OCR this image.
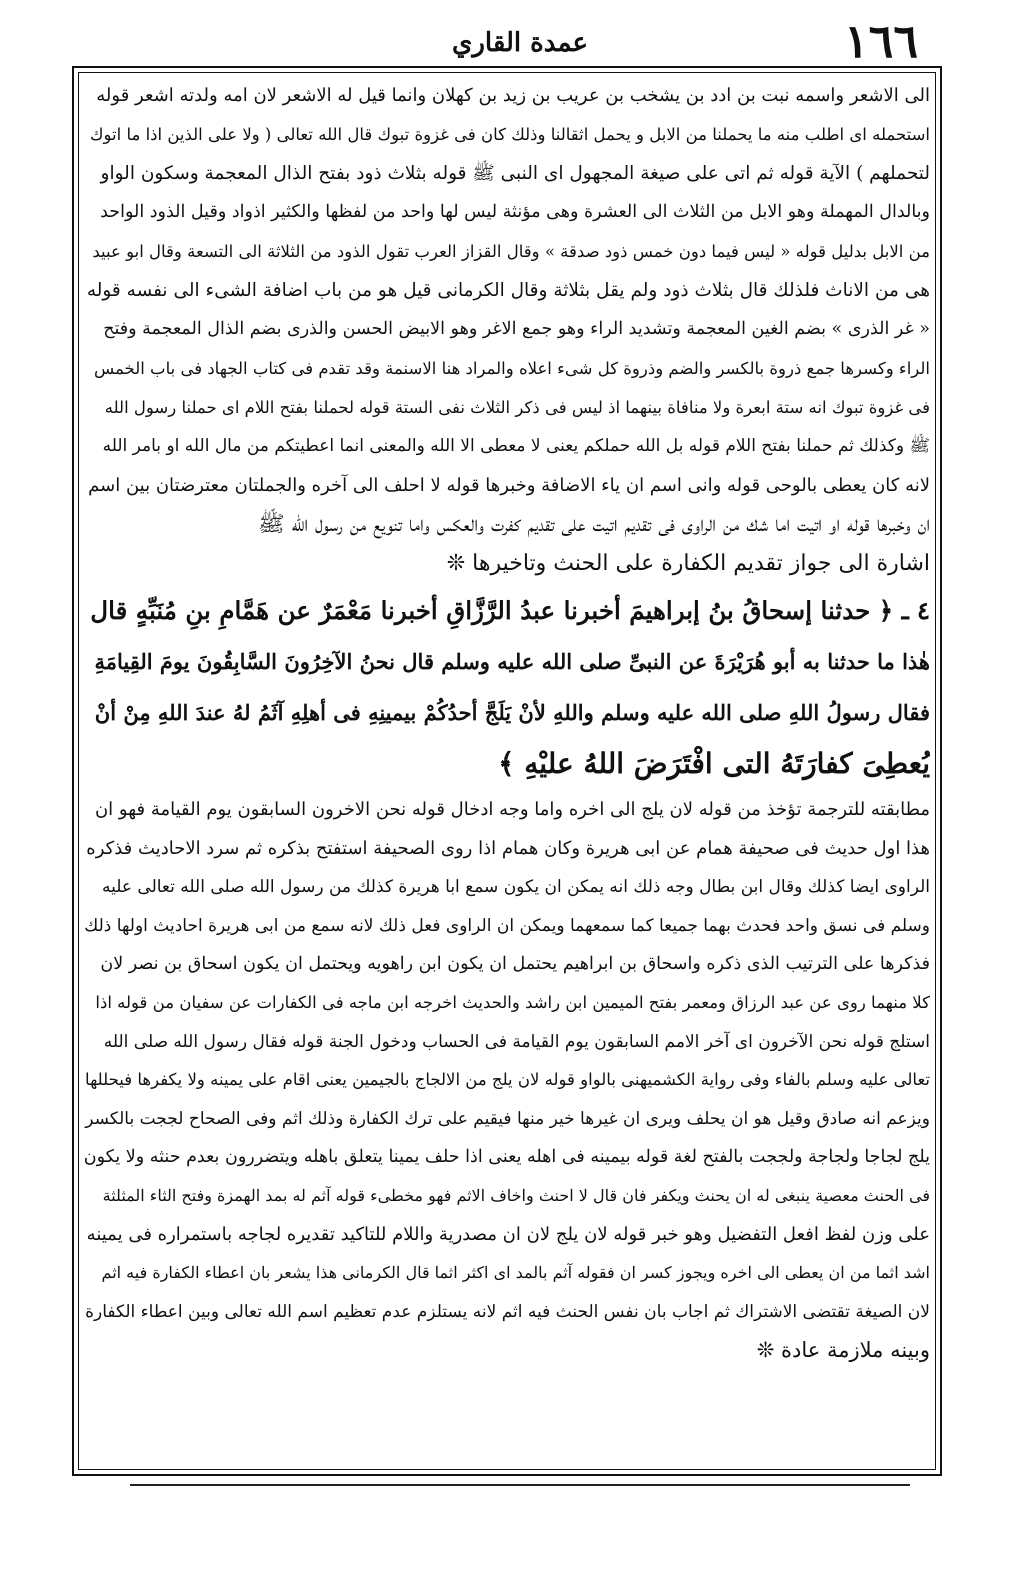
١٦٦
عمدة القاري
الى الاشعر واسمه نبت بن ادد بن يشخب بن عريب بن زيد بن كهلان وانما قيل له الاشعر لان امه ولدته اشعر قوله
استحمله اى اطلب منه ما يحملنا من الابل و يحمل اثقالنا وذلك كان فى غزوة تبوك قال الله تعالى ( ولا على الذين اذا ما اتوك
لتحملهم ) الآية قوله ثم اتى على صيغة المجهول اى النبى ﷺ قوله بثلاث ذود بفتح الذال المعجمة وسكون الواو
وبالدال المهملة وهو الابل من الثلاث الى العشرة وهى مؤنثة ليس لها واحد من لفظها والكثير اذواد وقيل الذود الواحد
من الابل بدليل قوله « ليس فيما دون خمس ذود صدقة » وقال القزاز العرب تقول الذود من الثلاثة الى التسعة وقال ابو عبيد
هى من الاناث فلذلك قال بثلاث ذود ولم يقل بثلاثة وقال الكرمانى قيل هو من باب اضافة الشىء الى نفسه قوله
« غر الذرى » بضم الغين المعجمة وتشديد الراء وهو جمع الاغر وهو الابيض الحسن والذرى بضم الذال المعجمة وفتح
الراء وكسرها جمع ذروة بالكسر والضم وذروة كل شىء اعلاه والمراد هنا الاسنمة وقد تقدم فى كتاب الجهاد فى باب الخمس
فى غزوة تبوك انه ستة ابعرة ولا منافاة بينهما اذ ليس فى ذكر الثلاث نفى الستة قوله لحملنا بفتح اللام اى حملنا رسول الله
ﷺ وكذلك ثم حملنا بفتح اللام قوله بل الله حملكم يعنى لا معطى الا الله والمعنى انما اعطيتكم من مال الله او بامر الله
لانه كان يعطى بالوحى قوله وانى اسم ان ياء الاضافة وخبرها قوله لا احلف الى آخره والجملتان معترضتان بين اسم
ان وخبرها قوله او اتيت اما شك من الراوى فى تقديم اتيت على تقديم كفرت والعكس واما تنويع من رسول الله ﷺ
اشارة الى جواز تقديم الكفارة على الحنث وتاخيرها ❊
٤ـ ﴿ حدثنا إسحاقُ بنُ إبراهيمَ أخبرنا عبدُ الرَّزَّاقِ أخبرنا مَعْمَرٌ عن هَمَّامِ بنِ مُنَبِّهٍ قال
هٰذا ما حدثنا به أبو هُرَيْرَةَ عن النبىِّ صلى الله عليه وسلم قال نحنُ الآخِرُونَ السَّابِقُونَ يومَ القِيامَةِ
فقال رسولُ اللهِ صلى الله عليه وسلم واللهِ لأنْ يَلَجَّ أحدُكُمْ بيمينِهِ فى أهلِهِ آثَمُ لهُ عندَ اللهِ مِنْ أنْ
يُعطِىَ كفارَتَهُ التى افْتَرَضَ اللهُ عليْهِ ﴾
مطابقته للترجمة تؤخذ من قوله لان يلج الى اخره واما وجه ادخال قوله نحن الاخرون السابقون يوم القيامة فهو ان
هذا اول حديث فى صحيفة همام عن ابى هريرة وكان همام اذا روى الصحيفة استفتح بذكره ثم سرد الاحاديث فذكره
الراوى ايضا كذلك وقال ابن بطال وجه ذلك انه يمكن ان يكون سمع ابا هريرة كذلك من رسول الله صلى الله تعالى عليه
وسلم فى نسق واحد فحدث بهما جميعا كما سمعهما ويمكن ان الراوى فعل ذلك لانه سمع من ابى هريرة احاديث اولها ذلك
فذكرها على الترتيب الذى ذكره واسحاق بن ابراهيم يحتمل ان يكون ابن راهويه ويحتمل ان يكون اسحاق بن نصر لان
كلا منهما روى عن عبد الرزاق ومعمر بفتح الميمين ابن راشد والحديث اخرجه ابن ماجه فى الكفارات عن سفيان من قوله اذا
استلج قوله نحن الآخرون اى آخر الامم السابقون يوم القيامة فى الحساب ودخول الجنة قوله فقال رسول الله صلى الله
تعالى عليه وسلم بالفاء وفى رواية الكشميهنى بالواو قوله لان يلج من الالجاج بالجيمين يعنى اقام على يمينه ولا يكفرها فيحللها
ويزعم انه صادق وقيل هو ان يحلف ويرى ان غيرها خير منها فيقيم على ترك الكفارة وذلك اثم وفى الصحاح لججت بالكسر
يلج لجاجا ولجاجة ولججت بالفتح لغة قوله بيمينه فى اهله يعنى اذا حلف يمينا يتعلق باهله ويتضررون بعدم حنثه ولا يكون
فى الحنث معصية ينبغى له ان يحنث ويكفر فان قال لا احنث واخاف الاثم فهو مخطىء قوله آثم له بمد الهمزة وفتح الثاء المثلثة
على وزن لفظ افعل التفضيل وهو خبر قوله لان يلج لان ان مصدرية واللام للتاكيد تقديره لجاجه باستمراره فى يمينه
اشد اثما من ان يعطى الى اخره ويجوز كسر ان فقوله آثم بالمد اى اكثر اثما قال الكرمانى هذا يشعر بان اعطاء الكفارة فيه اثم
لان الصيغة تقتضى الاشتراك ثم اجاب بان نفس الحنث فيه اثم لانه يستلزم عدم تعظيم اسم الله تعالى وبين اعطاء الكفارة
وبينه ملازمة عادة ❊
